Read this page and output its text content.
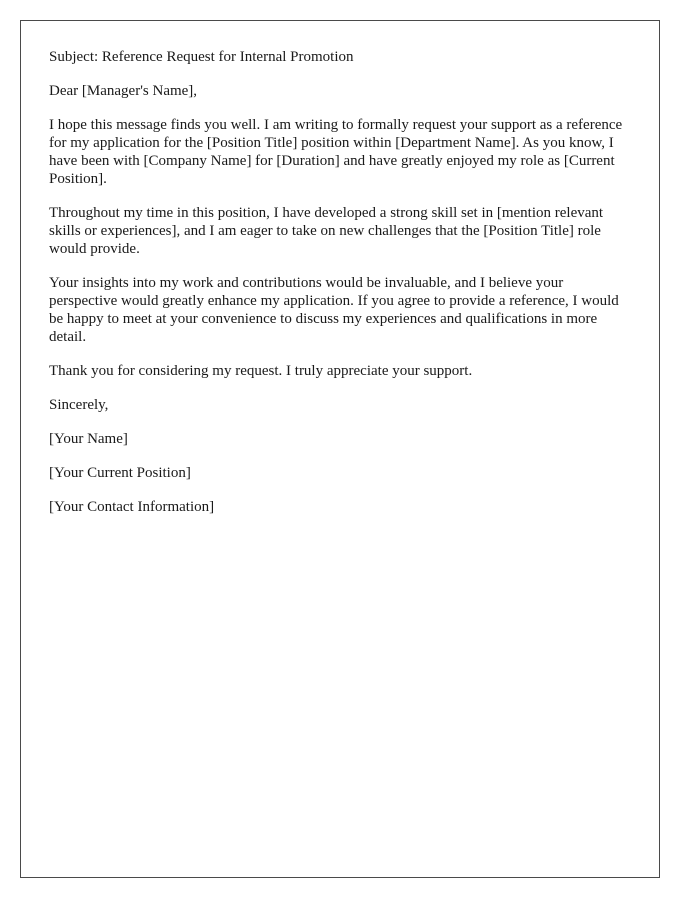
Subject: Reference Request for Internal Promotion

Dear [Manager's Name],

I hope this message finds you well. I am writing to formally request your support as a reference for my application for the [Position Title] position within [Department Name]. As you know, I have been with [Company Name] for [Duration] and have greatly enjoyed my role as [Current Position].

Throughout my time in this position, I have developed a strong skill set in [mention relevant skills or experiences], and I am eager to take on new challenges that the [Position Title] role would provide.

Your insights into my work and contributions would be invaluable, and I believe your perspective would greatly enhance my application. If you agree to provide a reference, I would be happy to meet at your convenience to discuss my experiences and qualifications in more detail.

Thank you for considering my request. I truly appreciate your support.

Sincerely,

[Your Name]

[Your Current Position]

[Your Contact Information]
